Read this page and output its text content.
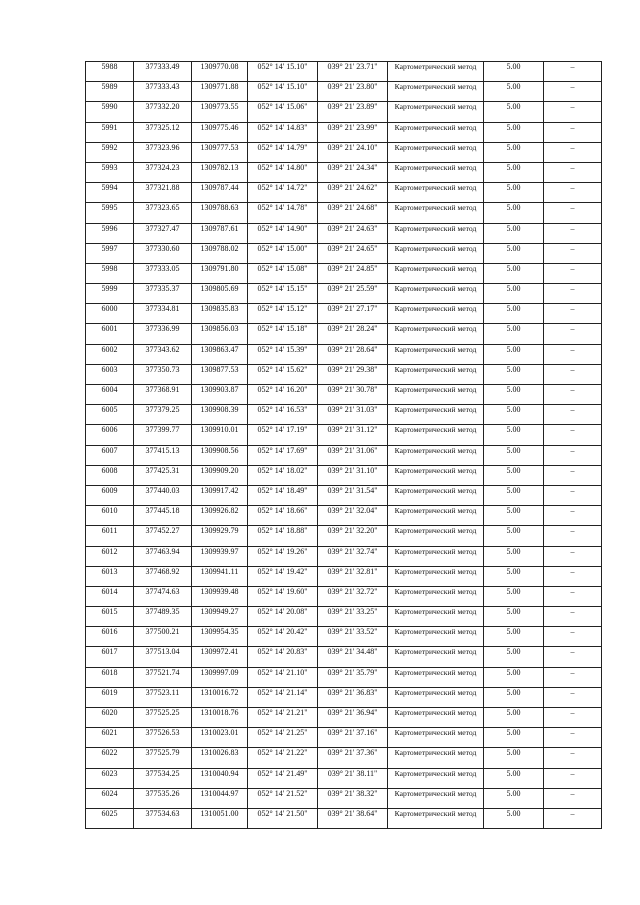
5988	377333.49	1309770.08	052° 14' 15.10"	039° 21' 23.71"	Картометрический метод	5.00	–
5989	377333.43	1309771.88	052° 14' 15.10"	039° 21' 23.80"	Картометрический метод	5.00	–
5990	377332.20	1309773.55	052° 14' 15.06"	039° 21' 23.89"	Картометрический метод	5.00	–
5991	377325.12	1309775.46	052° 14' 14.83"	039° 21' 23.99"	Картометрический метод	5.00	–
5992	377323.96	1309777.53	052° 14' 14.79"	039° 21' 24.10"	Картометрический метод	5.00	–
5993	377324.23	1309782.13	052° 14' 14.80"	039° 21' 24.34"	Картометрический метод	5.00	–
5994	377321.88	1309787.44	052° 14' 14.72"	039° 21' 24.62"	Картометрический метод	5.00	–
5995	377323.65	1309788.63	052° 14' 14.78"	039° 21' 24.68"	Картометрический метод	5.00	–
5996	377327.47	1309787.61	052° 14' 14.90"	039° 21' 24.63"	Картометрический метод	5.00	–
5997	377330.60	1309788.02	052° 14' 15.00"	039° 21' 24.65"	Картометрический метод	5.00	–
5998	377333.05	1309791.80	052° 14' 15.08"	039° 21' 24.85"	Картометрический метод	5.00	–
5999	377335.37	1309805.69	052° 14' 15.15"	039° 21' 25.59"	Картометрический метод	5.00	–
6000	377334.81	1309835.83	052° 14' 15.12"	039° 21' 27.17"	Картометрический метод	5.00	–
6001	377336.99	1309856.03	052° 14' 15.18"	039° 21' 28.24"	Картометрический метод	5.00	–
6002	377343.62	1309863.47	052° 14' 15.39"	039° 21' 28.64"	Картометрический метод	5.00	–
6003	377350.73	1309877.53	052° 14' 15.62"	039° 21' 29.38"	Картометрический метод	5.00	–
6004	377368.91	1309903.87	052° 14' 16.20"	039° 21' 30.78"	Картометрический метод	5.00	–
6005	377379.25	1309908.39	052° 14' 16.53"	039° 21' 31.03"	Картометрический метод	5.00	–
6006	377399.77	1309910.01	052° 14' 17.19"	039° 21' 31.12"	Картометрический метод	5.00	–
6007	377415.13	1309908.56	052° 14' 17.69"	039° 21' 31.06"	Картометрический метод	5.00	–
6008	377425.31	1309909.20	052° 14' 18.02"	039° 21' 31.10"	Картометрический метод	5.00	–
6009	377440.03	1309917.42	052° 14' 18.49"	039° 21' 31.54"	Картометрический метод	5.00	–
6010	377445.18	1309926.82	052° 14' 18.66"	039° 21' 32.04"	Картометрический метод	5.00	–
6011	377452.27	1309929.79	052° 14' 18.88"	039° 21' 32.20"	Картометрический метод	5.00	–
6012	377463.94	1309939.97	052° 14' 19.26"	039° 21' 32.74"	Картометрический метод	5.00	–
6013	377468.92	1309941.11	052° 14' 19.42"	039° 21' 32.81"	Картометрический метод	5.00	–
6014	377474.63	1309939.48	052° 14' 19.60"	039° 21' 32.72"	Картометрический метод	5.00	–
6015	377489.35	1309949.27	052° 14' 20.08"	039° 21' 33.25"	Картометрический метод	5.00	–
6016	377500.21	1309954.35	052° 14' 20.42"	039° 21' 33.52"	Картометрический метод	5.00	–
6017	377513.04	1309972.41	052° 14' 20.83"	039° 21' 34.48"	Картометрический метод	5.00	–
6018	377521.74	1309997.09	052° 14' 21.10"	039° 21' 35.79"	Картометрический метод	5.00	–
6019	377523.11	1310016.72	052° 14' 21.14"	039° 21' 36.83"	Картометрический метод	5.00	–
6020	377525.25	1310018.76	052° 14' 21.21"	039° 21' 36.94"	Картометрический метод	5.00	–
6021	377526.53	1310023.01	052° 14' 21.25"	039° 21' 37.16"	Картометрический метод	5.00	–
6022	377525.79	1310026.83	052° 14' 21.22"	039° 21' 37.36"	Картометрический метод	5.00	–
6023	377534.25	1310040.94	052° 14' 21.49"	039° 21' 38.11"	Картометрический метод	5.00	–
6024	377535.26	1310044.97	052° 14' 21.52"	039° 21' 38.32"	Картометрический метод	5.00	–
6025	377534.63	1310051.00	052° 14' 21.50"	039° 21' 38.64"	Картометрический метод	5.00	–
